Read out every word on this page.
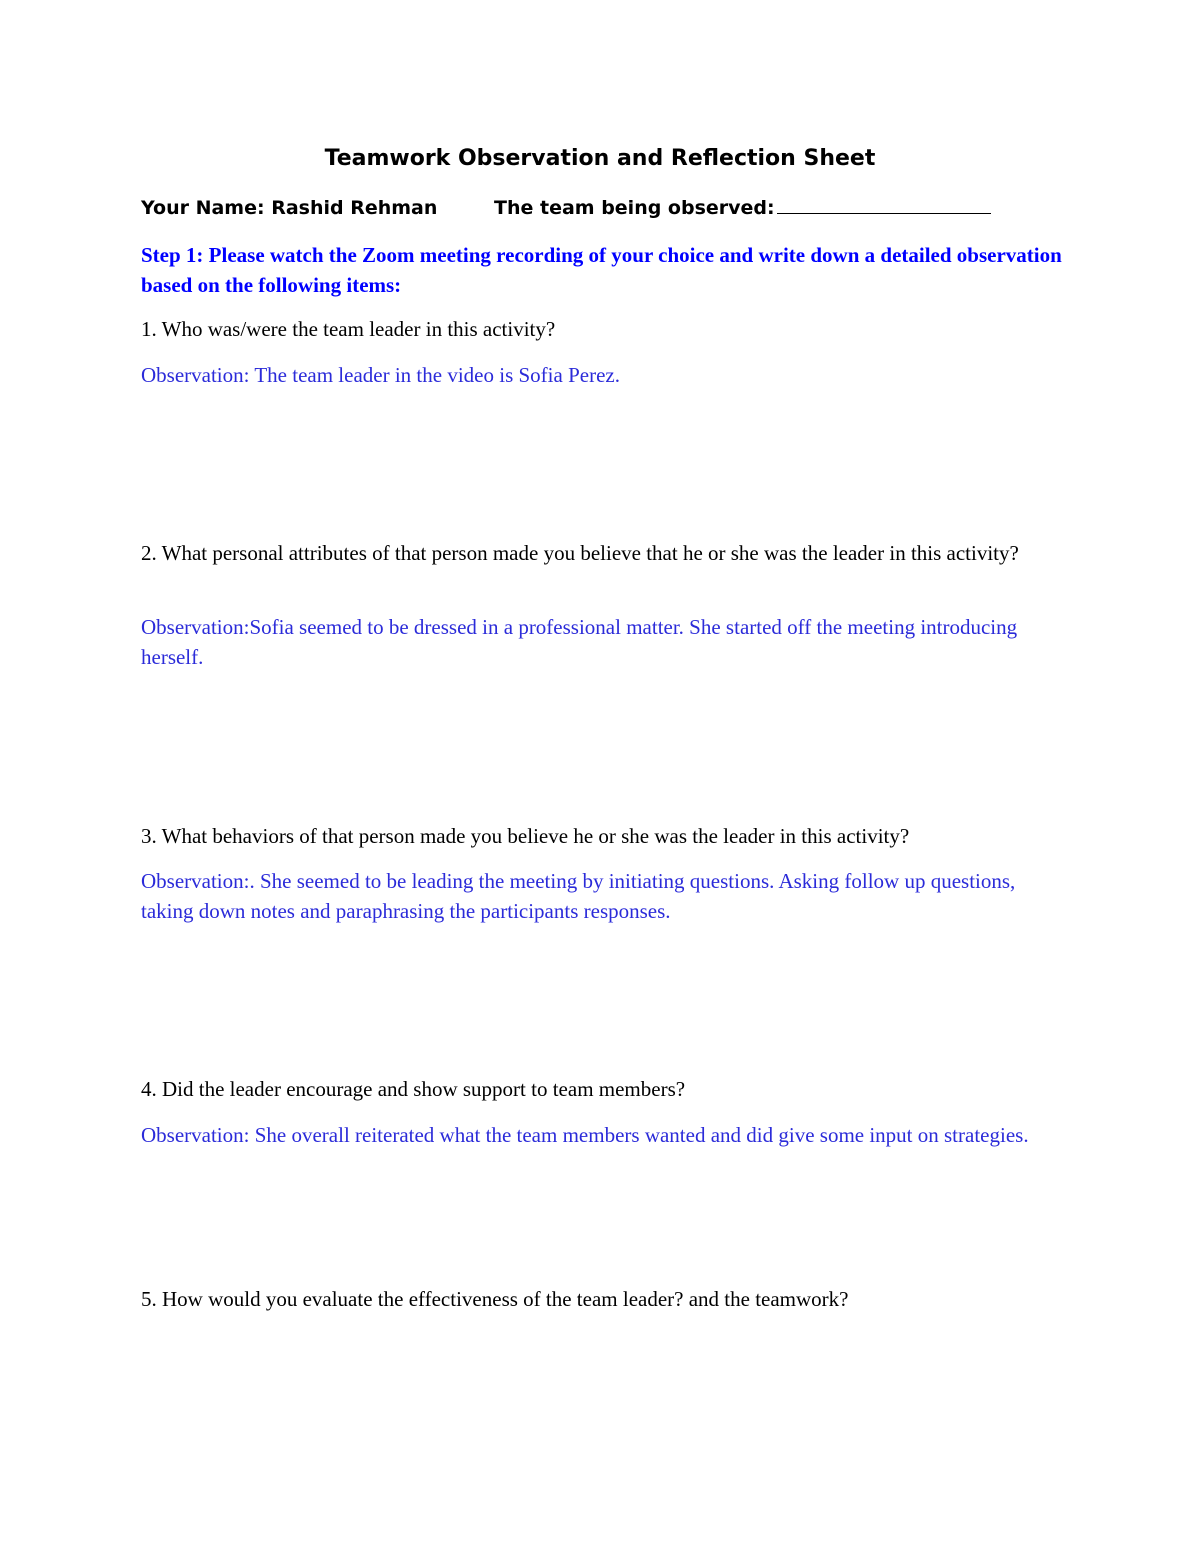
Teamwork Observation and Reflection Sheet
Your Name: Rashid Rehman	The team being observed:

Step 1: Please watch the Zoom meeting recording of your choice and write down a detailed observation based on the following items:

1. Who was/were the team leader in this activity?

Observation: The team leader in the video is Sofia Perez.

2. What personal attributes of that person made you believe that he or she was the leader in this activity?

Observation:Sofia seemed to be dressed in a professional matter. She started off the meeting introducing herself.

3. What behaviors of that person made you believe he or she was the leader in this activity?

Observation:. She seemed to be leading the meeting by initiating questions. Asking follow up questions, taking down notes and paraphrasing the participants responses.

4. Did the leader encourage and show support to team members?

Observation: She overall reiterated what the team members wanted and did give some input on strategies.

5. How would you evaluate the effectiveness of the team leader? and the teamwork?
